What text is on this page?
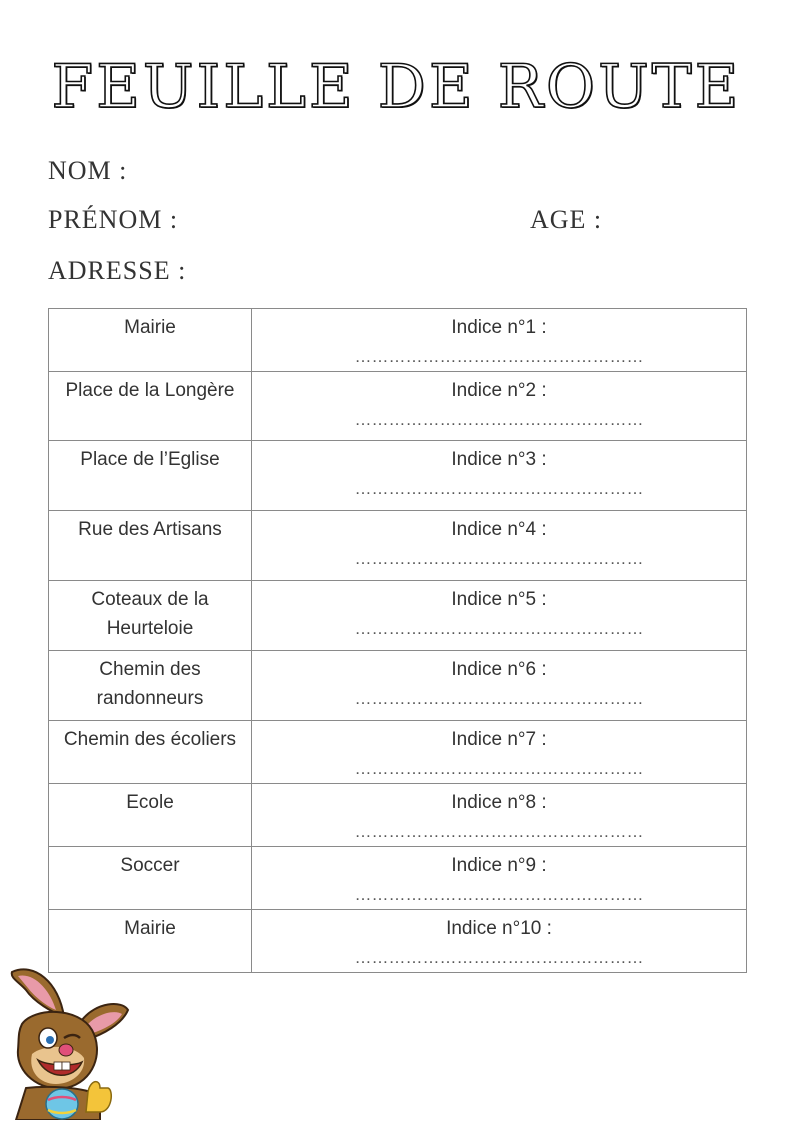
FEUILLE DE ROUTE
NOM :
PRÉNOM :	AGE :
ADRESSE :
Mairie	Indice n°1 :
……………………………………………

Place de la Longère	Indice n°2 :
……………………………………………

Place de l’Eglise	Indice n°3 :
……………………………………………

Rue des Artisans	Indice n°4 :
……………………………………………

Coteaux de la Heurteloie	Indice n°5 :
……………………………………………

Chemin des randonneurs	Indice n°6 :
……………………………………………

Chemin des écoliers	Indice n°7 :
……………………………………………

Ecole	Indice n°8 :
……………………………………………

Soccer	Indice n°9 :
……………………………………………

Mairie	Indice n°10 :
……………………………………………
